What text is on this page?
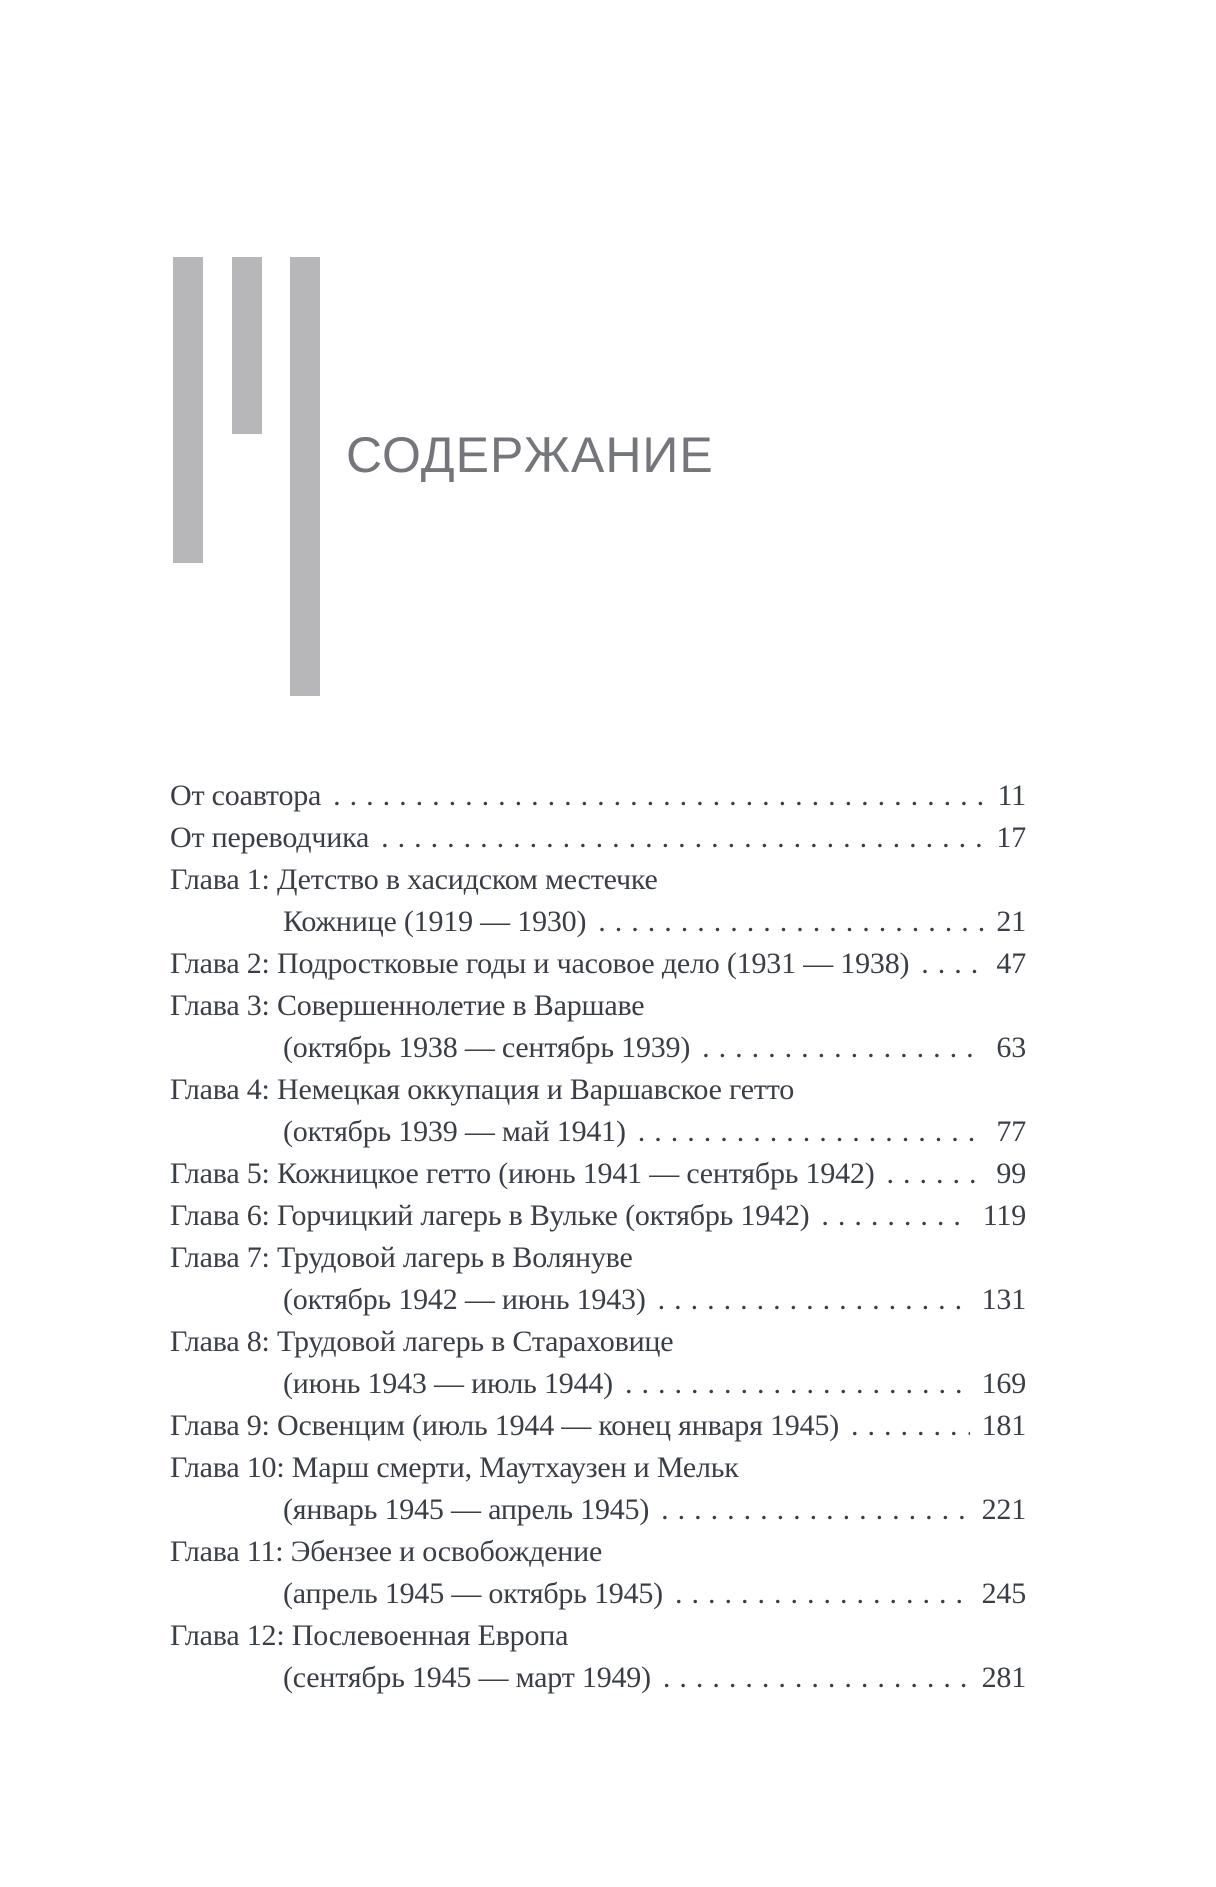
СОДЕРЖАНИЕ
От соавтора .....	11
От переводчика .....	17
Глава 1: Детство в хасидском местечке
Кожнице (1919 — 1930) .....	21
Глава 2: Подростковые годы и часовое дело (1931 — 1938) .....	47
Глава 3: Совершеннолетие в Варшаве
(октябрь 1938 — сентябрь 1939) .....	63
Глава 4: Немецкая оккупация и Варшавское гетто
(октябрь 1939 — май 1941) .....	77
Глава 5: Кожницкое гетто (июнь 1941 — сентябрь 1942) .....	99
Глава 6: Горчицкий лагерь в Вульке (октябрь 1942) .....	119
Глава 7: Трудовой лагерь в Волянуве
(октябрь 1942 — июнь 1943) .....	131
Глава 8: Трудовой лагерь в Стараховице
(июнь 1943 — июль 1944) .....	169
Глава 9: Освенцим (июль 1944 — конец января 1945) .....	181
Глава 10: Марш смерти, Маутхаузен и Мельк
(январь 1945 — апрель 1945) .....	221
Глава 11: Эбензее и освобождение
(апрель 1945 — октябрь 1945) .....	245
Глава 12: Послевоенная Европа
(сентябрь 1945 — март 1949) .....	281
